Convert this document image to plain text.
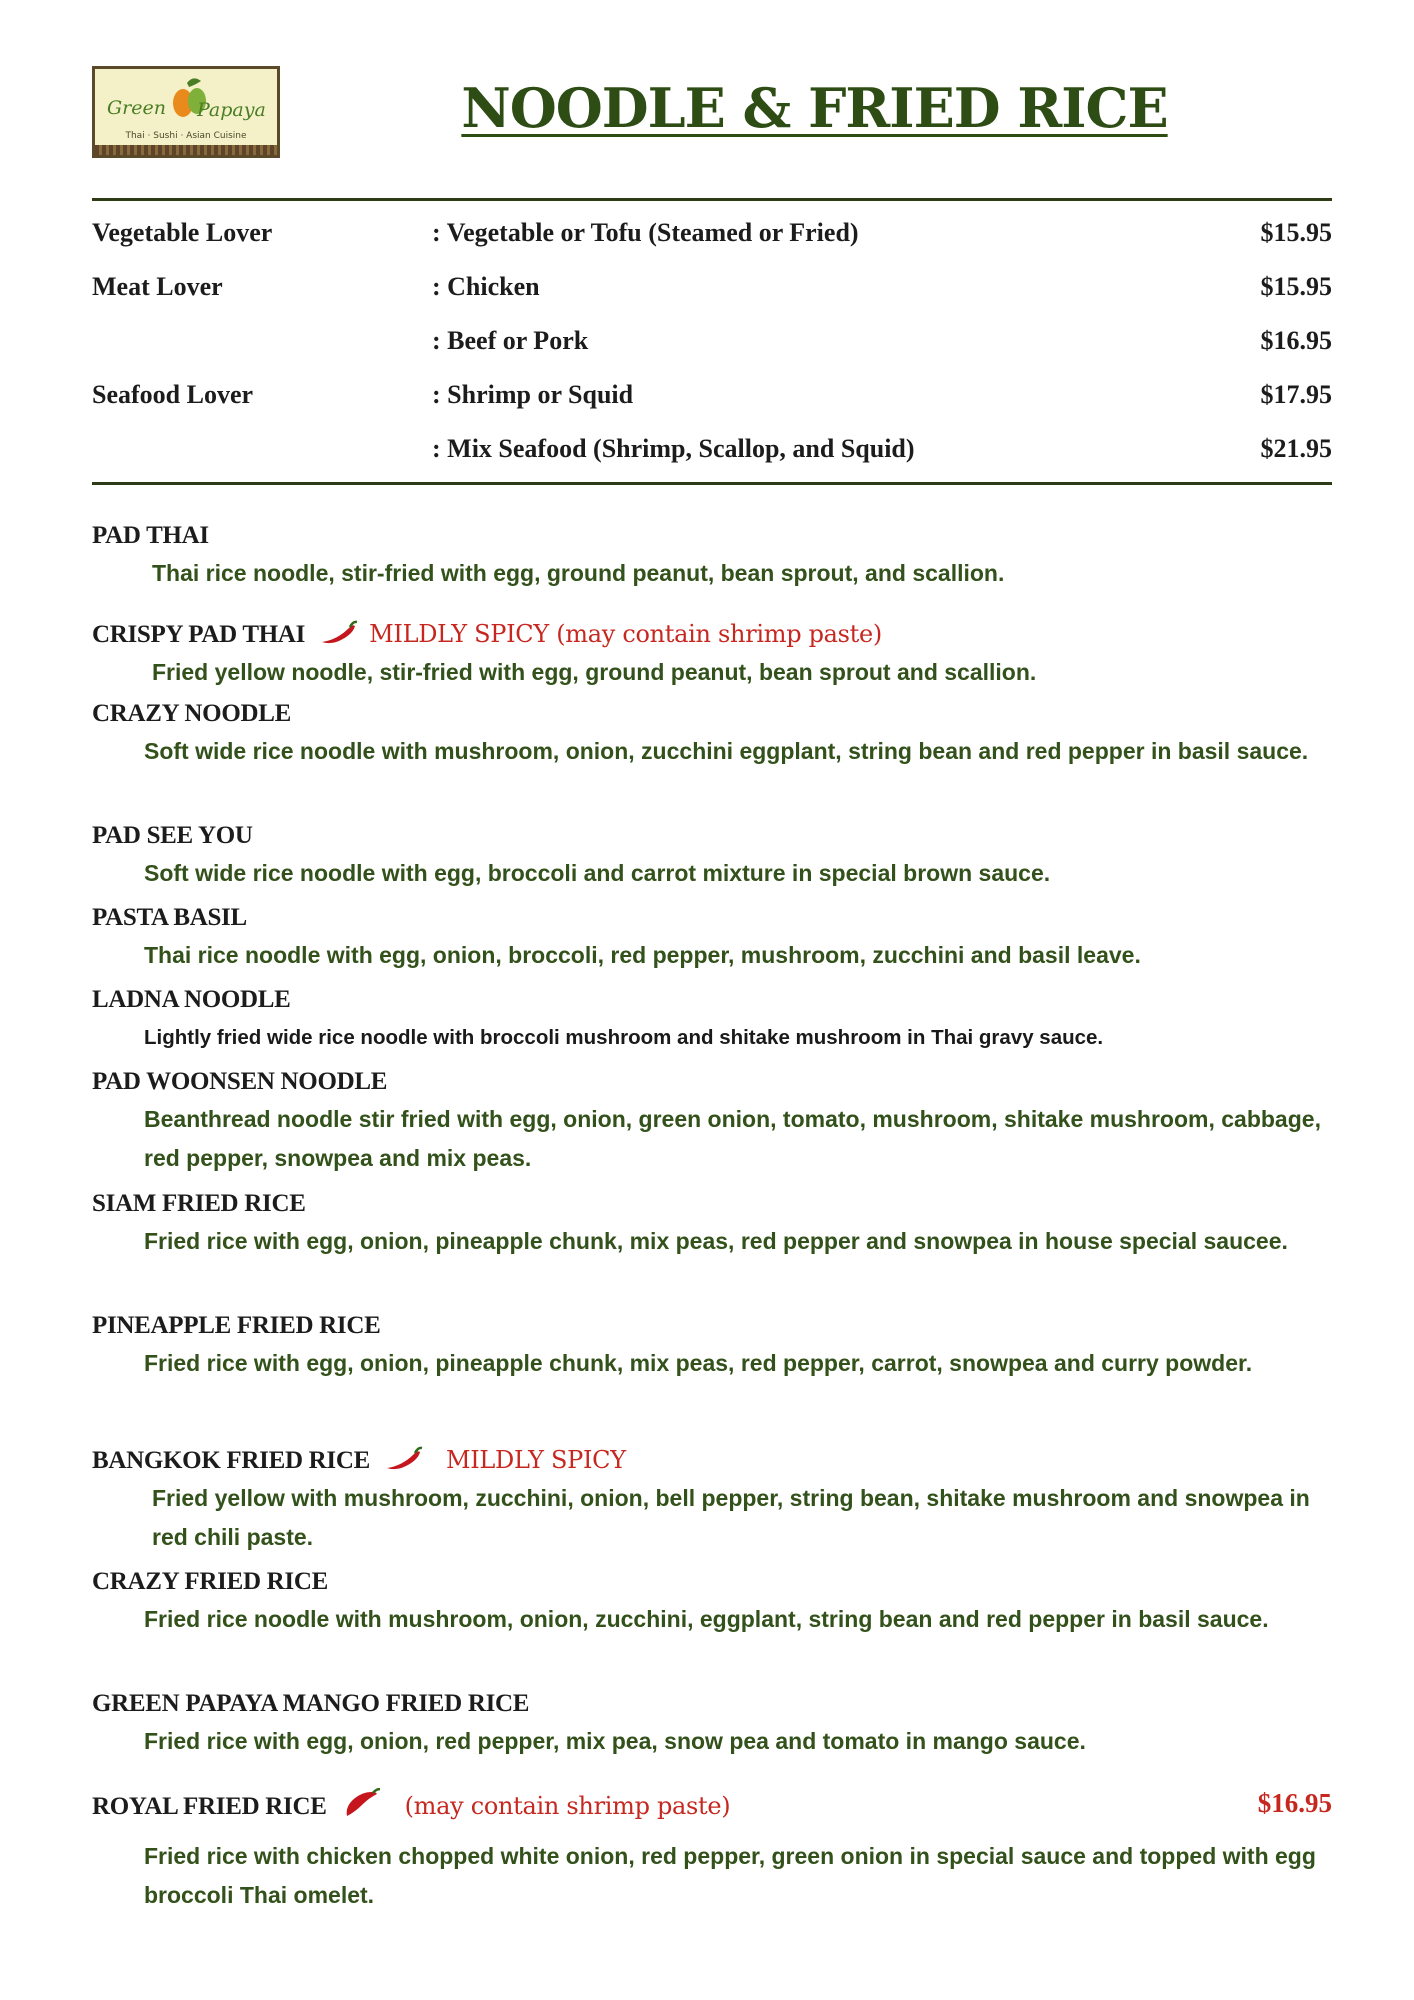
Green Papaya
Thai · Sushi · Asian Cuisine	NOODLE & FRIED RICE
Vegetable Lover	: Vegetable or Tofu (Steamed or Fried)	$15.95
Meat Lover	: Chicken	$15.95
: Beef or Pork	$16.95
Seafood Lover	: Shrimp or Squid	$17.95
: Mix Seafood (Shrimp, Scallop, and Squid)	$21.95
PAD THAI
Thai rice noodle, stir-fried with egg, ground peanut, bean sprout, and scallion.
CRISPY PAD THAI	MILDLY SPICY (may contain shrimp paste)
Fried yellow noodle, stir-fried with egg, ground peanut, bean sprout and scallion.
CRAZY NOODLE
Soft wide rice noodle with mushroom, onion, zucchini eggplant, string bean and red pepper in basil sauce.
PAD SEE YOU
Soft wide rice noodle with egg, broccoli and carrot mixture in special brown sauce.
PASTA BASIL
Thai rice noodle with egg, onion, broccoli, red pepper, mushroom, zucchini and basil leave.
LADNA NOODLE
Lightly fried wide rice noodle with broccoli mushroom and shitake mushroom in Thai gravy sauce.
PAD WOONSEN NOODLE
Beanthread noodle stir fried with egg, onion, green onion, tomato, mushroom, shitake mushroom, cabbage, red pepper, snowpea and mix peas.
SIAM FRIED RICE
Fried rice with egg, onion, pineapple chunk, mix peas, red pepper and snowpea in house special saucee.
PINEAPPLE FRIED RICE
Fried rice with egg, onion, pineapple chunk, mix peas, red pepper, carrot, snowpea and curry powder.
BANGKOK FRIED RICE	MILDLY SPICY
Fried yellow with mushroom, zucchini, onion, bell pepper, string bean, shitake mushroom and snowpea in red chili paste.
CRAZY FRIED RICE
Fried rice noodle with mushroom, onion, zucchini, eggplant, string bean and red pepper in basil sauce.
GREEN PAPAYA MANGO FRIED RICE
Fried rice with egg, onion, red pepper, mix pea, snow pea and tomato in mango sauce.
ROYAL FRIED RICE	(may contain shrimp paste)	$16.95
Fried rice with chicken chopped white onion, red pepper, green onion in special sauce and topped with egg broccoli Thai omelet.
